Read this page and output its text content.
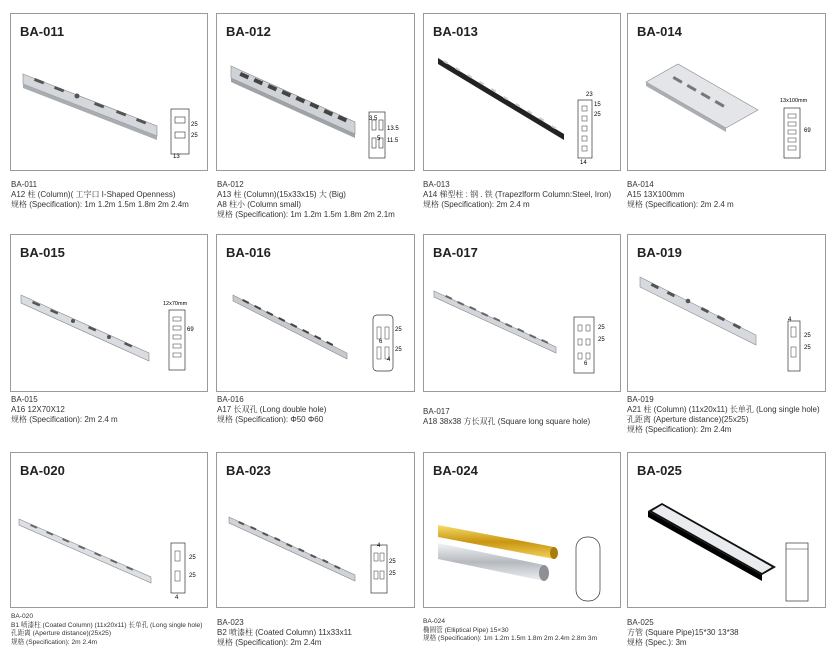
BA-011
25
25
13
BA-011
A12 柱 (Column)( 工字口 I-Shaped Openness)
规格 (Specification): 1m 1.2m 1.5m 1.8m 2m 2.4m
BA-012
3.5
13.5
5 11.5
BA-012
A13 柱 (Column)(15x33x15) 大 (Big)
A8 柱小 (Column small)
规格 (Specification): 1m 1.2m 1.5m 1.8m 2m 2.1m
BA-013
23
15
25
14
BA-013
A14 梯型柱 : 钢 . 铁 (Trapezlform Column:Steel, Iron)
规格 (Specification): 2m 2.4 m
BA-014
13x100mm
69
BA-014
A15 13X100mm
规格 (Specification): 2m 2.4 m
BA-015
12x70mm
69
BA-015
A16 12X70X12
规格 (Specification): 2m 2.4 m
BA-016
25
6
25
4
BA-016
A17 长双孔 (Long double hole)
规格 (Specification): Φ50 Φ60
BA-017
25
25
6
BA-017
A18 38x38 方长双孔 (Square long square hole)
BA-019
4
25
25
BA-019
A21 柱 (Column) (11x20x11) 长单孔 (Long single hole)
孔距离 (Aperture distance)(25x25)
规格 (Specification): 2m 2.4m
BA-020
25
25
4
BA-020
B1 喷漆柱 (Coated Column) (11x20x11) 长单孔 (Long single hole)
孔距离 (Aperture distance)(25x25)
规格 (Specification): 2m 2.4m
BA-023
4
25
25
BA-023
B2 喷漆柱 (Coated Column) 11x33x11
规格 (Specification): 2m 2.4m
BA-024
BA-024
椭圆管 (Elliptical Pipe) 15×30
规格 (Specification): 1m 1.2m 1.5m 1.8m 2m 2.4m 2.8m 3m
BA-025
BA-025
方管 (Square Pipe)15*30 13*38
规格 (Spec.): 3m
